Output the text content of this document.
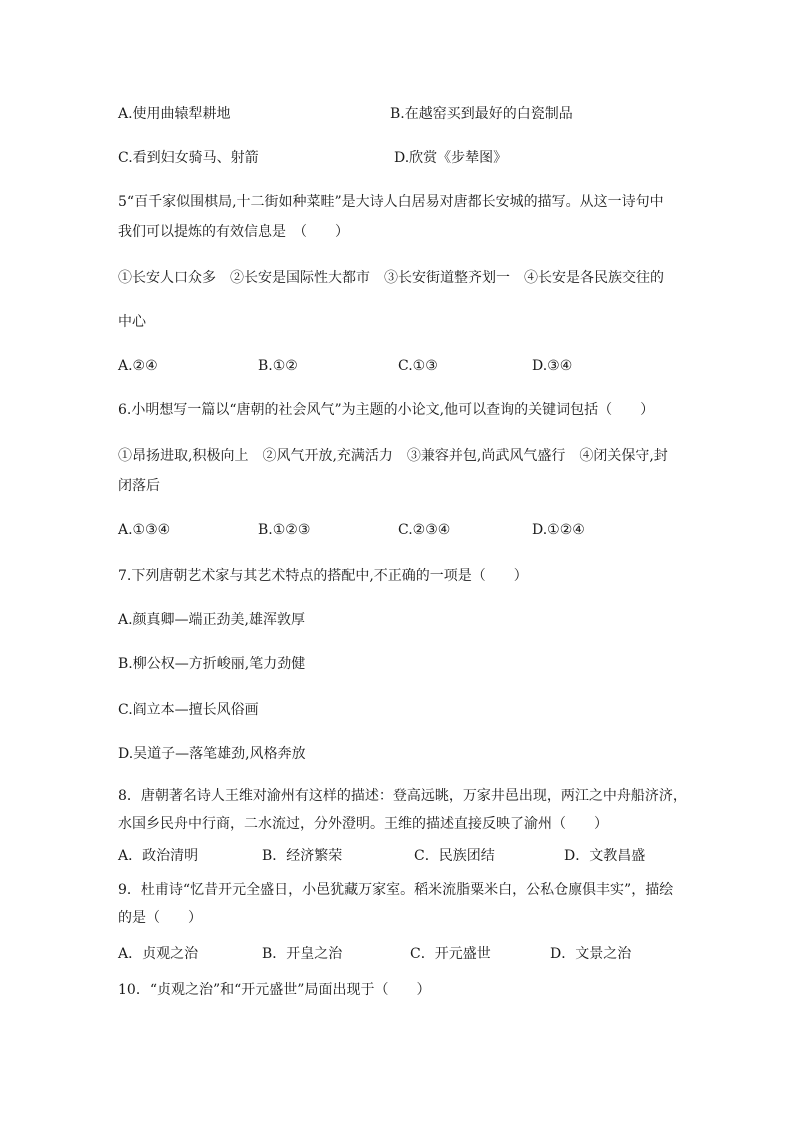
A.使用曲辕犁耕地	B.在越窑买到最好的白瓷制品
C.看到妇女骑马、射箭	D.欣赏《步辇图》
5“百千家似围棋局,十二街如种菜畦”是大诗人白居易对唐都长安城的描写。从这一诗句中
我们可以提炼的有效信息是　（　　）
①长安人口众多　②长安是国际性大都市　③长安街道整齐划一　④长安是各民族交往的
中心
A.②④	B.①②	C.①③	D.③④
6.小明想写一篇以“唐朝的社会风气”为主题的小论文,他可以查询的关键词包括（　　）
①昂扬进取,积极向上　②风气开放,充满活力　③兼容并包,尚武风气盛行　④闭关保守,封
闭落后
A.①③④	B.①②③	C.②③④	D.①②④
7.下列唐朝艺术家与其艺术特点的搭配中,不正确的一项是（　　）
A.颜真卿—端正劲美,雄浑敦厚
B.柳公权—方折峻丽,笔力劲健
C.阎立本—擅长风俗画
D.吴道子—落笔雄劲,风格奔放
8．唐朝著名诗人王维对渝州有这样的描述：登高远眺，万家井邑出现，两江之中舟船济济，
水国乡民舟中行商，二水流过，分外澄明。王维的描述直接反映了渝州（　　）
A．政治清明	B．经济繁荣	C．民族团结	D．文教昌盛
9．杜甫诗“忆昔开元全盛日，小邑犹藏万家室。稻米流脂粟米白，公私仓廪俱丰实”，描绘
的是（　　）
A．贞观之治	B．开皇之治	C．开元盛世	D．文景之治
10．“贞观之治”和“开元盛世”局面出现于（　　）
